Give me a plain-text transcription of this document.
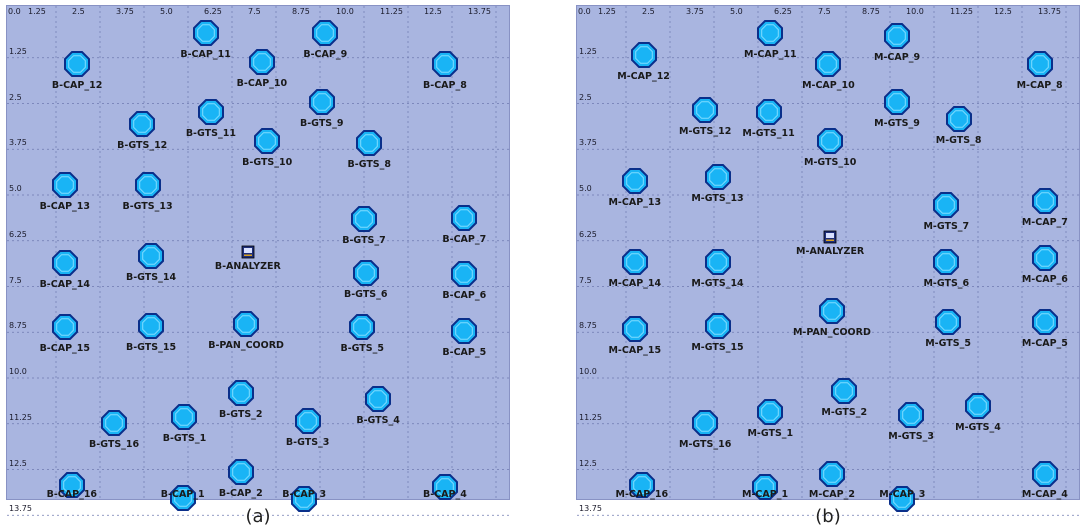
0.0 1.25	2.5	3.75	5.0	6.25	7.5	8.75	10.0	11.25	12.5	13.75
1.25
2.5
3.75
5.0
6.25
7.5
8.75
10.0
11.25
12.5
13.75
B-CAP_11	B-CAP_9
B-CAP_12	B-CAP_10	B-CAP_8
B-GTS_9
B-GTS_11
B-GTS_12
B-GTS_10	B-GTS_8
B-CAP_13	B-GTS_13
B-GTS_7	B-CAP_7
B-ANALYZER
B-CAP_14
B-GTS_14
B-GTS_6	B-CAP_6
B-CAP_15	B-GTS_15	B-PAN_COORD	B-GTS_5	B-CAP_5
B-GTS_2	B-GTS_4
B-GTS_16 B-GTS_1	B-GTS_3
B-CAP_16	B-CAP_2	B-CAP_4
B-CAP_1	B-CAP_3
(a)
0.0 1.25	2.5	3.75	5.0	6.25	7.5	8.75	10.0	11.25	12.5	13.75
1.25
2.5
3.75
5.0
6.25
7.5
8.75
10.0
11.25
12.5
13.75
M-CAP_11	M-CAP_9
M-CAP_12
M-CAP_10	M-CAP_8
M-GTS_9
M-GTS_12 M-GTS_11
M-GTS_8
M-GTS_10
M-CAP_13	M-GTS_13
M-GTS_7	M-CAP_7
M-ANALYZER
M-CAP_14	M-GTS_14	M-GTS_6	M-CAP_6
M-CAP_15	M-GTS_15
M-PAN_COORD
M-GTS_5	M-CAP_5
M-GTS_2
M-GTS_4
M-GTS_16
M-GTS_1	M-GTS_3
M-CAP_16	M-CAP_2	M-CAP_4
M-CAP_1	M-CAP_3
(b)
